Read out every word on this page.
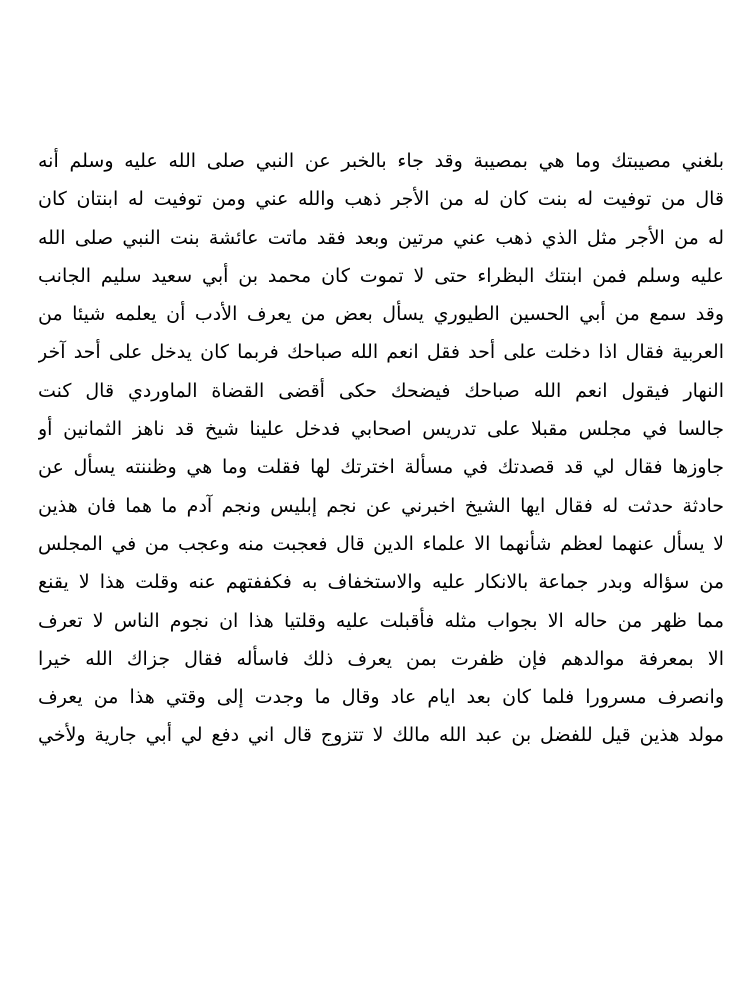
بلغني مصيبتك وما هي بمصيبة وقد جاء بالخبر عن النبي صلى الله عليه وسلم أنه
قال من توفيت له بنت كان له من الأجر ذهب والله عني ومن توفيت له ابنتان كان
له من الأجر مثل الذي ذهب عني مرتين وبعد فقد ماتت عائشة بنت النبي صلى الله
عليه وسلم فمن ابنتك البظراء حتى لا تموت كان محمد بن أبي سعيد سليم الجانب
وقد سمع من أبي الحسين الطيوري يسأل بعض من يعرف الأدب أن يعلمه شيئا من
العربية فقال اذا دخلت على أحد فقل انعم الله صباحك فربما كان يدخل على أحد آخر
النهار فيقول انعم الله صباحك فيضحك حكى أقضى القضاة الماوردي قال كنت
جالسا في مجلس مقبلا على تدريس اصحابي فدخل علينا شيخ قد ناهز الثمانين أو
جاوزها فقال لي قد قصدتك في مسألة اخترتك لها فقلت وما هي وظننته يسأل عن
حادثة حدثت له فقال ايها الشيخ اخبرني عن نجم إبليس ونجم آدم ما هما فان هذين
لا يسأل عنهما لعظم شأنهما الا علماء الدين قال فعجبت منه وعجب من في المجلس
من سؤاله وبدر جماعة بالانكار عليه والاستخفاف به فكففتهم عنه وقلت هذا لا يقنع
مما ظهر من حاله الا بجواب مثله فأقبلت عليه وقلتيا هذا ان نجوم الناس لا تعرف
الا بمعرفة موالدهم فإن ظفرت بمن يعرف ذلك فاسأله فقال جزاك الله خيرا
وانصرف مسرورا فلما كان بعد ايام عاد وقال ما وجدت إلى وقتي هذا من يعرف
مولد هذين قيل للفضل بن عبد الله مالك لا تتزوج قال اني دفع لي أبي جارية ولأخي
